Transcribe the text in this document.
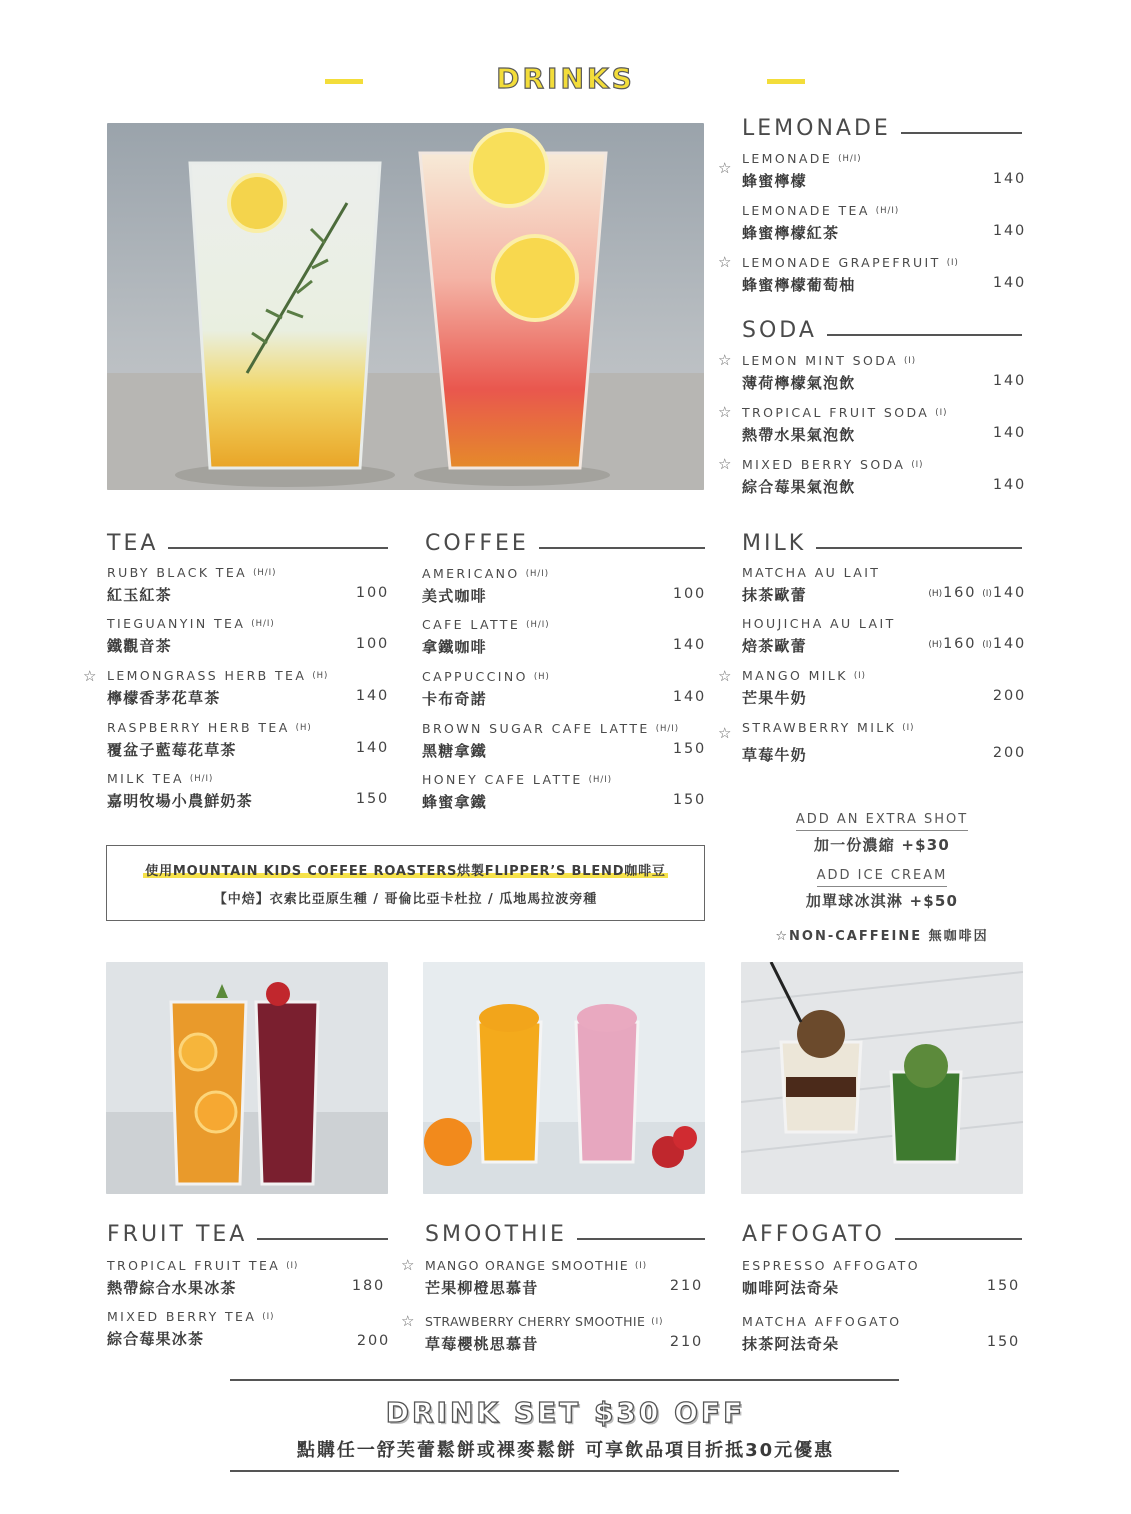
DRINKS
LEMONADE
☆
LEMONADE (H/I)
蜂蜜檸檬	140
LEMONADE TEA (H/I)
蜂蜜檸檬紅茶	140
☆ LEMONADE GRAPEFRUIT (I)
蜂蜜檸檬葡萄柚	140
SODA
☆ LEMON MINT SODA (I)
薄荷檸檬氣泡飲	140
☆ TROPICAL FRUIT SODA (I)
熱帶水果氣泡飲	140
☆ MIXED BERRY SODA (I)
綜合莓果氣泡飲	140
TEA
RUBY BLACK TEA (H/I)
紅玉紅茶	100
TIEGUANYIN TEA (H/I)
鐵觀音茶	100
☆ LEMONGRASS HERB TEA (H)
檸檬香茅花草茶	140
RASPBERRY HERB TEA (H)
覆盆子藍莓花草茶	140
MILK TEA (H/I)
嘉明牧場小農鮮奶茶	150
COFFEE
AMERICANO (H/I)
美式咖啡	100
CAFE LATTE (H/I)
拿鐵咖啡	140
CAPPUCCINO (H)
卡布奇諾	140
BROWN SUGAR CAFE LATTE (H/I)
黑糖拿鐵	150
HONEY CAFE LATTE (H/I)
蜂蜜拿鐵	150
MILK
MATCHA AU LAIT
抹茶歐蕾	(H)160 (I)140
HOUJICHA AU LAIT
焙茶歐蕾	(H)160 (I)140
☆ MANGO MILK (I)
芒果牛奶	200
☆ STRAWBERRY MILK (I)
草莓牛奶	200
ADD AN EXTRA SHOT
加一份濃縮 +$30
ADD ICE CREAM
加單球冰淇淋 +$50
☆NON-CAFFEINE 無咖啡因
使用MOUNTAIN KIDS COFFEE ROASTERS烘製FLIPPER’S BLEND咖啡豆
【中焙】衣索比亞原生種 / 哥倫比亞卡杜拉 / 瓜地馬拉波旁種
FRUIT TEA
TROPICAL FRUIT TEA (I)
熱帶綜合水果冰茶	180
MIXED BERRY TEA (I)
綜合莓果冰茶	200
SMOOTHIE
☆ MANGO ORANGE SMOOTHIE (I)
芒果柳橙思慕昔	210
☆ STRAWBERRY CHERRY SMOOTHIE (I)
草莓櫻桃思慕昔	210
AFFOGATO
ESPRESSO AFFOGATO
咖啡阿法奇朵	150
MATCHA AFFOGATO
抹茶阿法奇朵	150
DRINK SET $30 OFF
點購任一舒芙蕾鬆餅或裸麥鬆餅 可享飲品項目折抵30元優惠
